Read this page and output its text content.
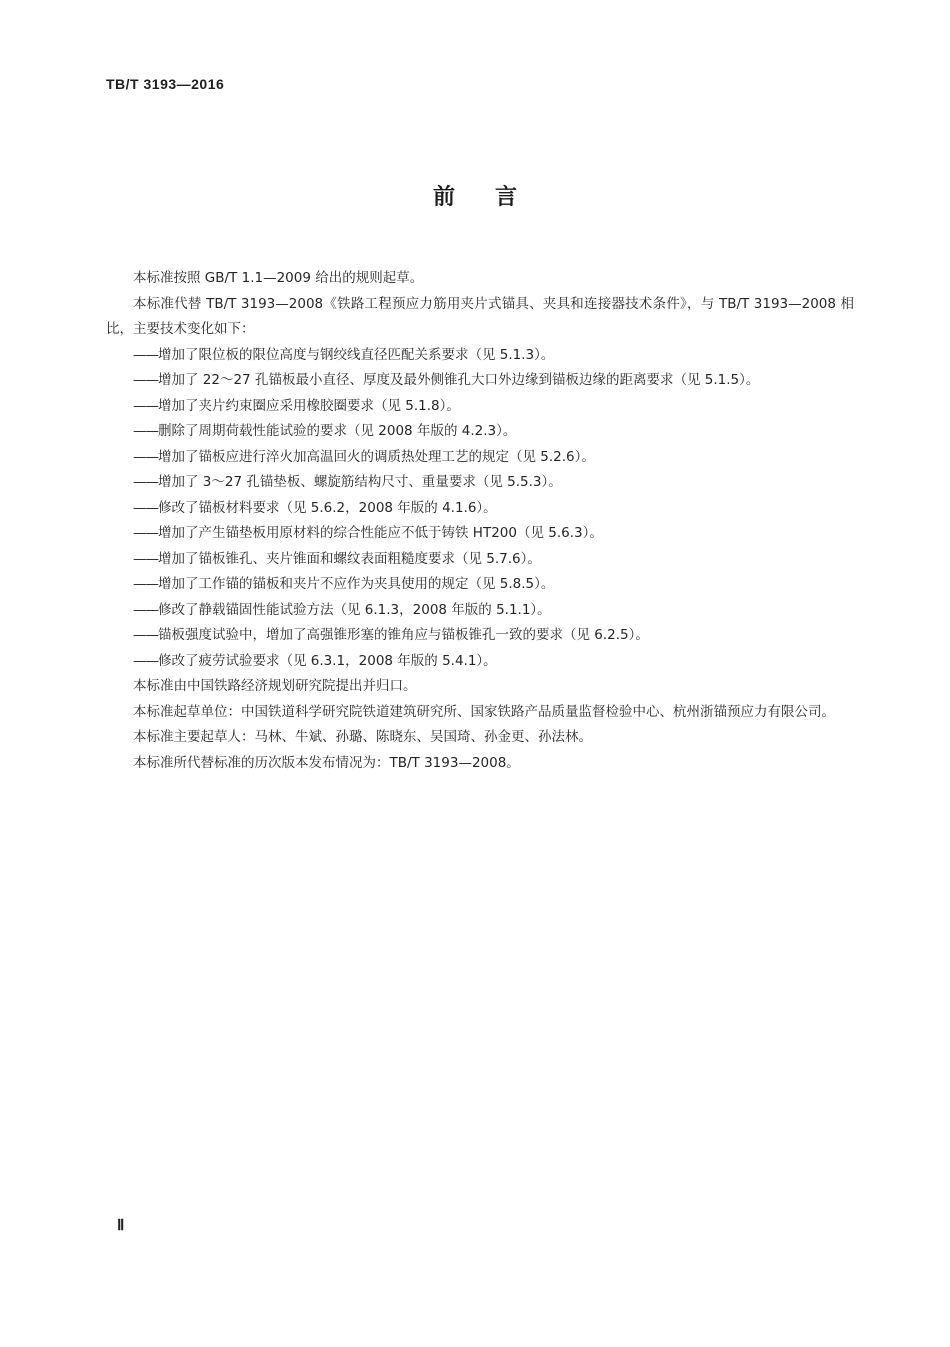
TB/T 3193—2016
前言

本标准按照 GB/T 1.1—2009 给出的规则起草。

本标准代替 TB/T 3193—2008《铁路工程预应力筋用夹片式锚具、夹具和连接器技术条件》，与 TB/T 3193—2008 相比，主要技术变化如下：

——增加了限位板的限位高度与钢绞线直径匹配关系要求（见 5.1.3）。
——增加了 22～27 孔锚板最小直径、厚度及最外侧锥孔大口外边缘到锚板边缘的距离要求（见 5.1.5）。
——增加了夹片约束圈应采用橡胶圈要求（见 5.1.8）。
——删除了周期荷载性能试验的要求（见 2008 年版的 4.2.3）。
——增加了锚板应进行淬火加高温回火的调质热处理工艺的规定（见 5.2.6）。
——增加了 3～27 孔锚垫板、螺旋筋结构尺寸、重量要求（见 5.5.3）。
——修改了锚板材料要求（见 5.6.2，2008 年版的 4.1.6）。
——增加了产生锚垫板用原材料的综合性能应不低于铸铁 HT200（见 5.6.3）。
——增加了锚板锥孔、夹片锥面和螺纹表面粗糙度要求（见 5.7.6）。
——增加了工作锚的锚板和夹片不应作为夹具使用的规定（见 5.8.5）。
——修改了静载锚固性能试验方法（见 6.1.3，2008 年版的 5.1.1）。
——锚板强度试验中，增加了高强锥形塞的锥角应与锚板锥孔一致的要求（见 6.2.5）。
——修改了疲劳试验要求（见 6.3.1，2008 年版的 5.4.1）。

本标准由中国铁路经济规划研究院提出并归口。

本标准起草单位：中国铁道科学研究院铁道建筑研究所、国家铁路产品质量监督检验中心、杭州浙锚预应力有限公司。

本标准主要起草人：马林、牛斌、孙璐、陈晓东、吴国琦、孙金更、孙法林。

本标准所代替标准的历次版本发布情况为：TB/T 3193—2008。

Ⅱ
